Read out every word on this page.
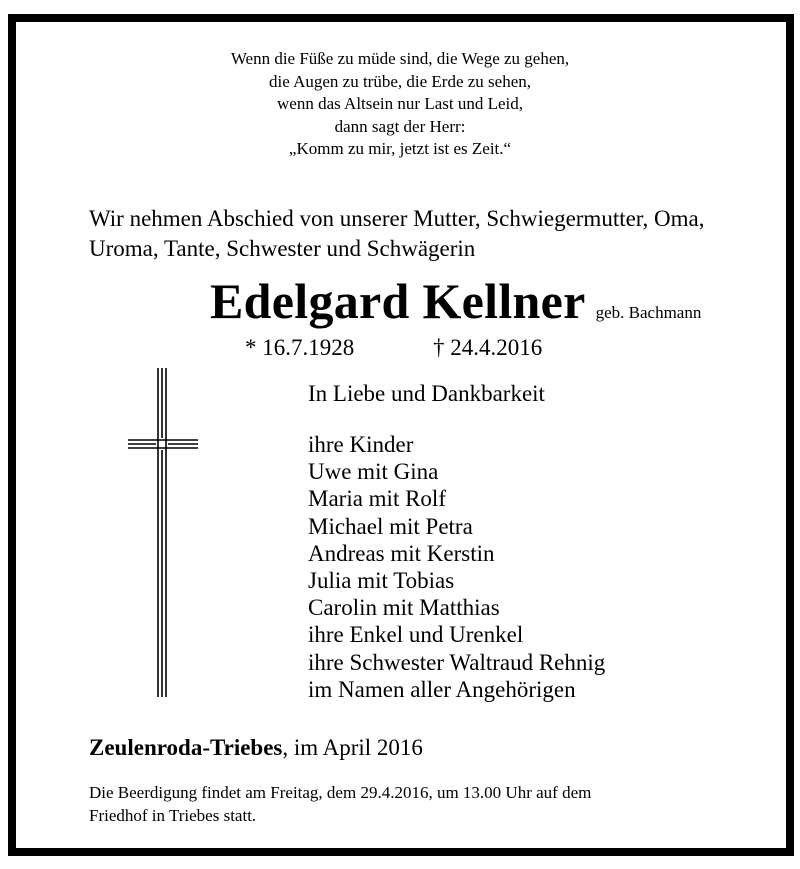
Wenn die Füße zu müde sind, die Wege zu gehen,
die Augen zu trübe, die Erde zu sehen,
wenn das Altsein nur Last und Leid,
dann sagt der Herr:
„Komm zu mir, jetzt ist es Zeit.“
Wir nehmen Abschied von unserer Mutter, Schwiegermutter, Oma,
Uroma, Tante, Schwester und Schwägerin
Edelgard Kellner geb. Bachmann
* 16.7.1928	† 24.4.2016
In Liebe und Dankbarkeit
ihre Kinder
Uwe mit Gina
Maria mit Rolf
Michael mit Petra
Andreas mit Kerstin
Julia mit Tobias
Carolin mit Matthias
ihre Enkel und Urenkel
ihre Schwester Waltraud Rehnig
im Namen aller Angehörigen
Zeulenroda-Triebes, im April 2016
Die Beerdigung findet am Freitag, dem 29.4.2016, um 13.00 Uhr auf dem
Friedhof in Triebes statt.
